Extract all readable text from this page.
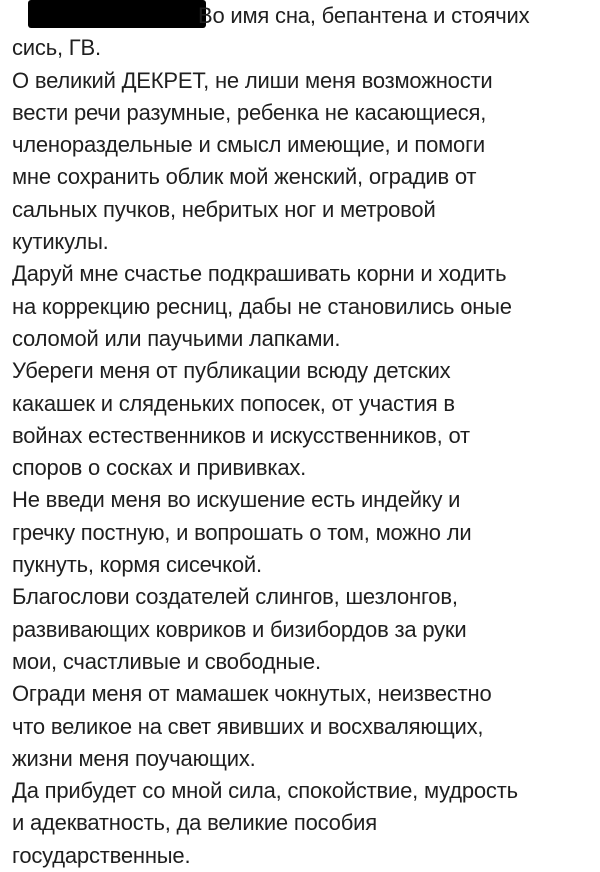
Во имя сна, бепантена и стоячих
сись, ГВ.
О великий ДЕКРЕТ, не лиши меня возможности
вести речи разумные, ребенка не касающиеся,
членораздельные и смысл имеющие, и помоги
мне сохранить облик мой женский, оградив от
сальных пучков, небритых ног и метровой
кутикулы.
Даруй мне счастье подкрашивать корни и ходить
на коррекцию ресниц, дабы не становились оные
соломой или паучьими лапками.
Убереги меня от публикации всюду детских
какашек и сляденьких попосек, от участия в
войнах естественников и искусственников, от
споров о сосках и прививках.
Не введи меня во искушение есть индейку и
гречку постную, и вопрошать о том, можно ли
пукнуть, кормя сисечкой.
Благослови создателей слингов, шезлонгов,
развивающих ковриков и бизибордов за руки
мои, счастливые и свободные.
Огради меня от мамашек чокнутых, неизвестно
что великое на свет явивших и восхваляющих,
жизни меня поучающих.
Да прибудет со мной сила, спокойствие, мудрость
и адекватность, да великие пособия
государственные.
